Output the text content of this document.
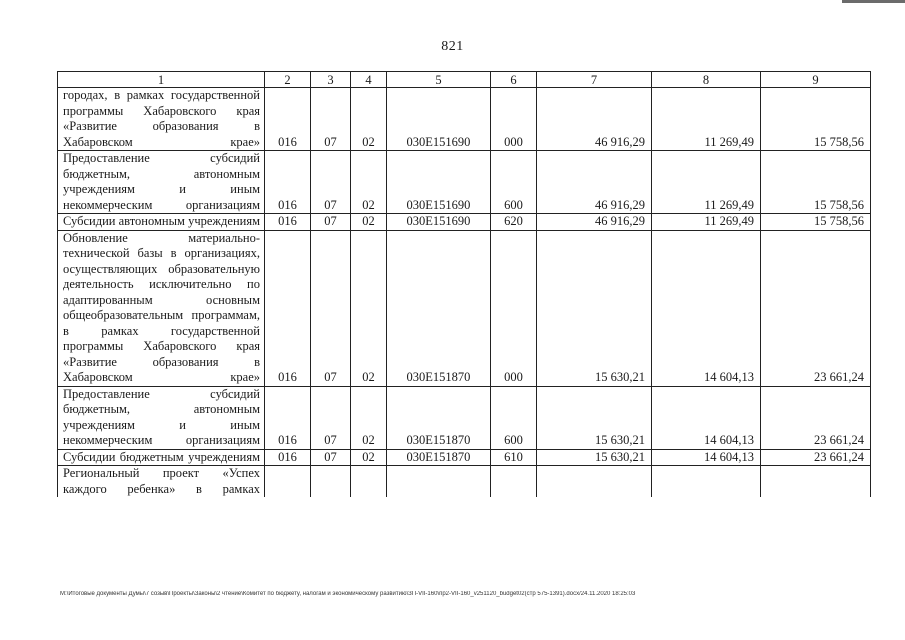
821
1	2	3	4	5	6	7	8	9
городах, в рамках государственной программы Хабаровского края «Развитие образования в Хабаровском крае»	016	07	02	030E151690	000	46 916,29	11 269,49	15 758,56
Предоставление субсидий бюджетным, автономным учреждениям и иным некоммерческим организациям	016	07	02	030E151690	600	46 916,29	11 269,49	15 758,56
Субсидии автономным учреждениям	016	07	02	030E151690	620	46 916,29	11 269,49	15 758,56
Обновление материально-технической базы в организациях, осуществляющих образовательную деятельность исключительно по адаптированным основным общеобразовательным программам, в рамках государственной программы Хабаровского края «Развитие образования в Хабаровском крае»	016	07	02	030E151870	000	15 630,21	14 604,13	23 661,24
Предоставление субсидий бюджетным, автономным учреждениям и иным некоммерческим организациям	016	07	02	030E151870	600	15 630,21	14 604,13	23 661,24
Субсидии бюджетным учреждениям	016	07	02	030E151870	610	15 630,21	14 604,13	23 661,24
Региональный проект «Успех каждого ребенка» в рамках								
M:\Итоговые документы Думы\7 созыв\Проекты\Законы\2 чтение\Комитет по бюджету, налогам и экономическому развитию\ЗП-VII-160\пр2-VII-160_v251120_budget02(стр 575-1391).docx/24.11.2020 18:25:03
